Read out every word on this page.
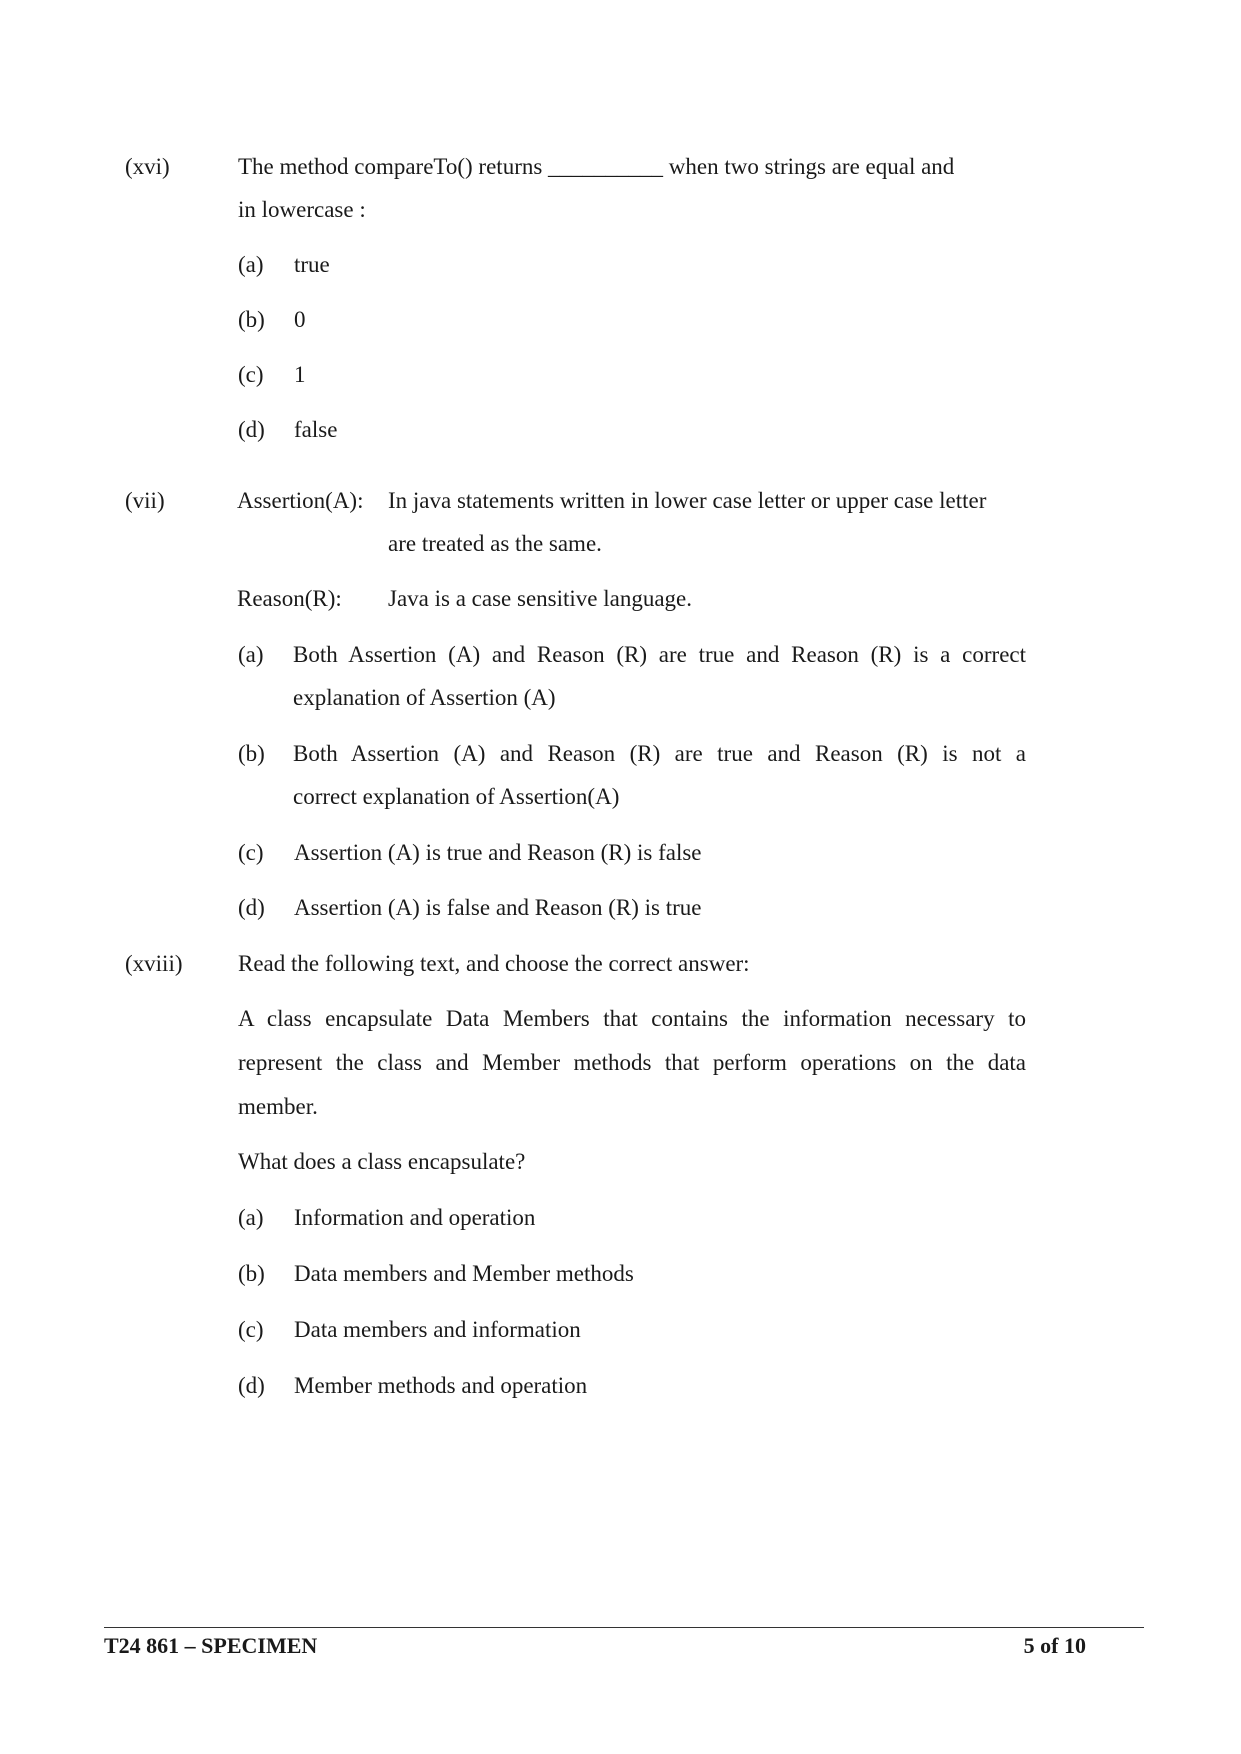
(xvi)	The method compareTo() returns __________ when two strings are equal and
in lowercase :
(a) true
(b) 0
(c) 1
(d) false
(vii)	Assertion(A): In java statements written in lower case letter or upper case letter
are treated as the same.
Reason(R): Java is a case sensitive language.
(a) Both Assertion (A) and Reason (R) are true and Reason (R) is a correct
explanation of Assertion (A)
(b) Both Assertion (A) and Reason (R) are true and Reason (R) is not a
correct explanation of Assertion(A)
(c) Assertion (A) is true and Reason (R) is false
(d) Assertion (A) is false and Reason (R) is true
(xviii) Read the following text, and choose the correct answer:
A class encapsulate Data Members that contains the information necessary to
represent the class and Member methods that perform operations on the data
member.
What does a class encapsulate?
(a) Information and operation
(b) Data members and Member methods
(c) Data members and information
(d) Member methods and operation
T24 861 – SPECIMEN	5 of 10
